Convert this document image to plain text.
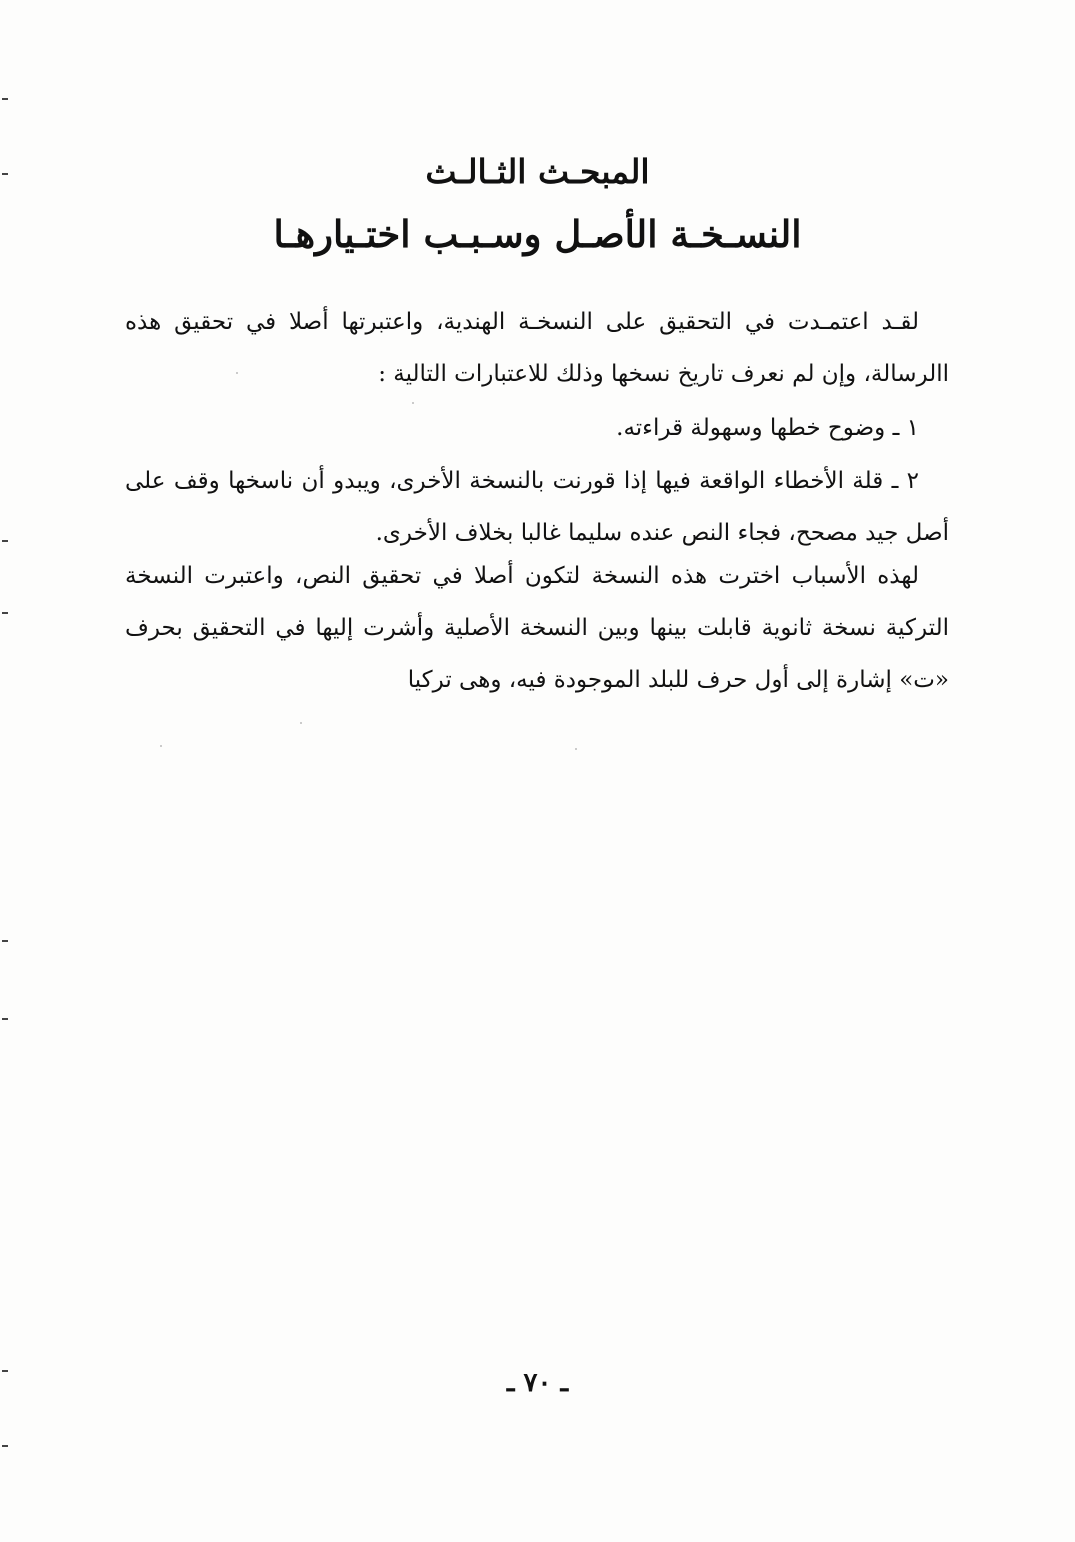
المبحـث الثـالـث
النسـخـة الأصـل وسـبـب اختـيارهـا

لقـد اعتمـدت في التحقيق على النسخـة الهندية، واعتبرتها أصلا في تحقيق هذه االرسالة، وإن لم نعرف تاريخ نسخها وذلك للاعتبارات التالية :

١ ـ وضوح خطها وسهولة قراءته.

٢ ـ قلة الأخطاء الواقعة فيها إذا قورنت بالنسخة الأخرى، ويبدو أن ناسخها وقف على أصل جيد مصحح، فجاء النص عنده سليما غالبا بخلاف الأخرى.

لهذه الأسباب اخترت هذه النسخة لتكون أصلا في تحقيق النص، واعتبرت النسخة التركية نسخة ثانوية قابلت بينها وبين النسخة الأصلية وأشرت إليها في التحقيق بحرف «ت» إشارة إلى أول حرف للبلد الموجودة فيه، وهى تركيا

ـ ٧٠ ـ
